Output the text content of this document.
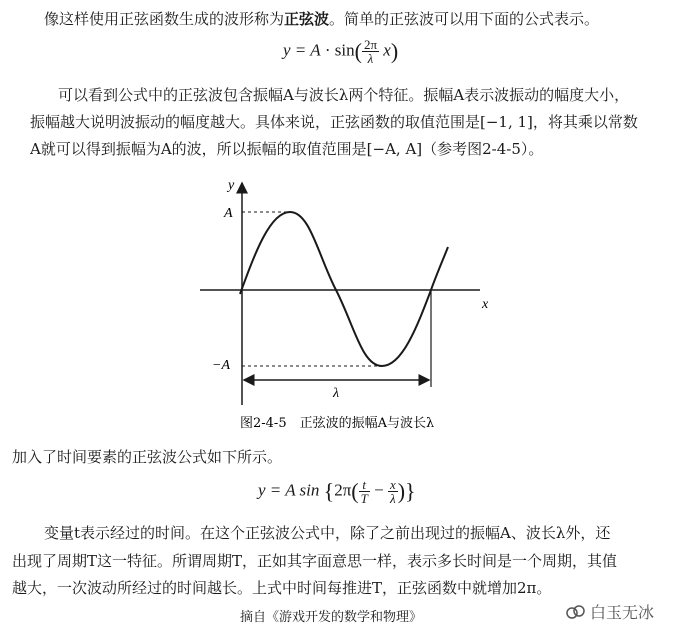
像这样使用正弦函数生成的波形称为正弦波。简单的正弦波可以用下面的公式表示。
$y = A \cdot \sin( \frac{2\pi}{\lambda} x)$
可以看到公式中的正弦波包含振幅A与波长λ两个特征。振幅A表示波振动的幅度大小，
振幅越大说明波振动的幅度越大。具体来说，正弦函数的取值范围是[−1, 1]，将其乘以常数
A就可以得到振幅为A的波，所以振幅的取值范围是[−A, A]（参考图2-4-5）。
y
x
A
−A
λ
图2-4-5　正弦波的振幅A与波长λ
加入了时间要素的正弦波公式如下所示。
y = A $\sin \{2\pi( \frac{t}{T} - \frac{x}{\lambda}$ )}
变量t表示经过的时间。在这个正弦波公式中，除了之前出现过的振幅A、波长λ外，还
出现了周期T这一特征。所谓周期T，正如其字面意思一样，表示多长时间是一个周期，其值
越大，一次波动所经过的时间越长。上式中时间每推进T，正弦函数中就增加2π。
摘自《游戏开发的数学和物理》	白玉无冰
